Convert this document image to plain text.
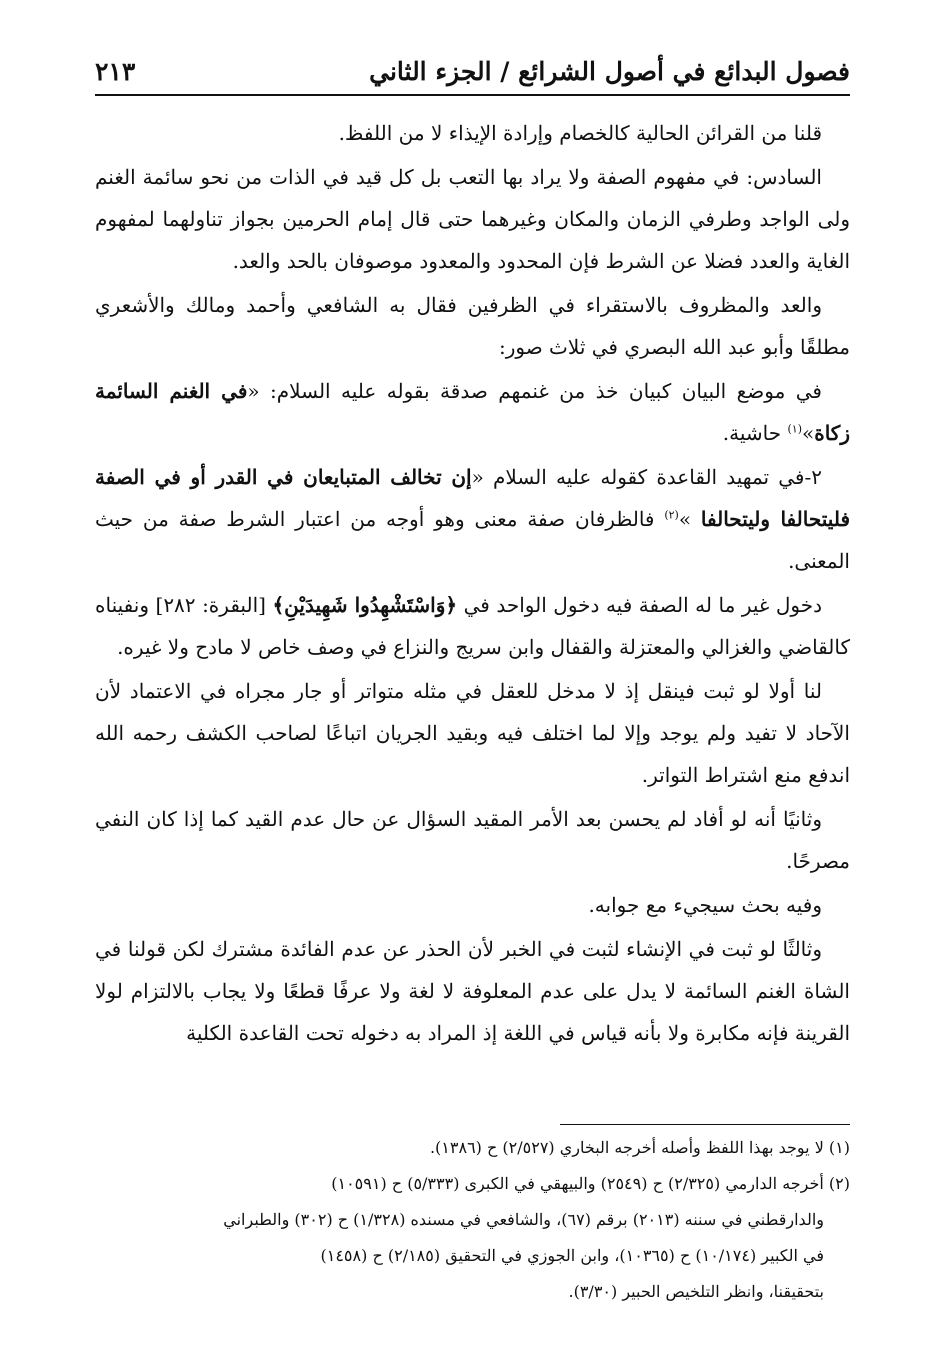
فصول البدائع في أصول الشرائع / الجزء الثاني
٢١٣

قلنا من القرائن الحالية كالخصام وإرادة الإيذاء لا من اللفظ.

السادس: في مفهوم الصفة ولا يراد بها التعب بل كل قيد في الذات من نحو سائمة الغنم ولى الواجد وطرفي الزمان والمكان وغيرهما حتى قال إمام الحرمين بجواز تناولهما لمفهوم الغاية والعدد فضلا عن الشرط فإن المحدود والمعدود موصوفان بالحد والعد.

والعد والمظروف بالاستقراء في الظرفين فقال به الشافعي وأحمد ومالك والأشعري مطلقًا وأبو عبد الله البصري في ثلاث صور:

في موضع البيان كبيان خذ من غنمهم صدقة بقوله عليه السلام: «في الغنم السائمة زكاة»$^{(١)}$ حاشية.

٢-في تمهيد القاعدة كقوله عليه السلام «إن تخالف المتبايعان في القدر أو في الصفة فليتحالفا وليتحالفا »$^{(٢)}$ فالظرفان صفة معنى وهو أوجه من اعتبار الشرط صفة من حيث المعنى.

دخول غير ما له الصفة فيه دخول الواحد في ﴿وَاسْتَشْهِدُوا شَهِيدَيْنِ﴾ [البقرة: ٢٨٢] ونفيناه كالقاضي والغزالي والمعتزلة والقفال وابن سريج والنزاع في وصف خاص لا مادح ولا غيره.

لنا أولا لو ثبت فينقل إذ لا مدخل للعقل في مثله متواتر أو جار مجراه في الاعتماد لأن الآحاد لا تفيد ولم يوجد وإلا لما اختلف فيه وبقيد الجريان اتباعًا لصاحب الكشف رحمه الله اندفع منع اشتراط التواتر.

وثانيًا أنه لو أفاد لم يحسن بعد الأمر المقيد السؤال عن حال عدم القيد كما إذا كان النفي مصرحًا.

وفيه بحث سيجيء مع جوابه.

وثالثًا لو ثبت في الإنشاء لثبت في الخبر لأن الحذر عن عدم الفائدة مشترك لكن قولنا في الشاة الغنم السائمة لا يدل على عدم المعلوفة لا لغة ولا عرفًا قطعًا ولا يجاب بالالتزام لولا القرينة فإنه مكابرة ولا بأنه قياس في اللغة إذ المراد به دخوله تحت القاعدة الكلية

(١) لا يوجد بهذا اللفظ وأصله أخرجه البخاري (٢/٥٢٧) ح (١٣٨٦).

(٢) أخرجه الدارمي (٢/٣٢٥) ح (٢٥٤٩) والبيهقي في الكبرى (٥/٣٣٣) ح (١٠٥٩١)

والدارقطني في سننه (٢٠١٣) برقم (٦٧)، والشافعي في مسنده (١/٣٢٨) ح (٣٠٢) والطبراني

في الكبير (١٠/١٧٤) ح (١٠٣٦٥)، وابن الجوزي في التحقيق (٢/١٨٥) ح (١٤٥٨)

بتحقيقنا، وانظر التلخيص الحبير (٣/٣٠).
